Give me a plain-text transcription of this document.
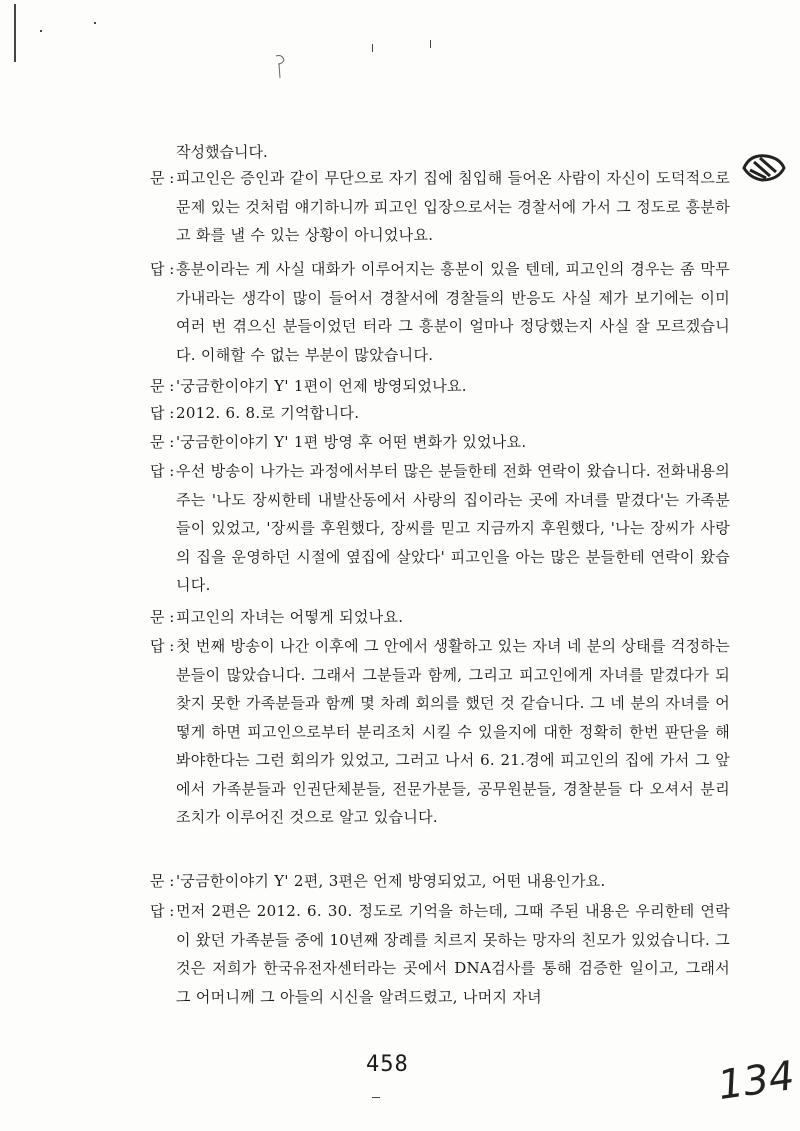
작성했습니다.
문 : 피고인은 증인과 같이 무단으로 자기 집에 침입해 들어온 사람이 자신이 도덕적으로 문제 있는 것처럼 얘기하니까 피고인 입장으로서는 경찰서에 가서 그 정도로 흥분하고 화를 낼 수 있는 상황이 아니었나요.
답 : 흥분이라는 게 사실 대화가 이루어지는 흥분이 있을 텐데, 피고인의 경우는 좀 막무가내라는 생각이 많이 들어서 경찰서에 경찰들의 반응도 사실 제가 보기에는 이미 여러 번 겪으신 분들이었던 터라 그 흥분이 얼마나 정당했는지 사실 잘 모르겠습니다. 이해할 수 없는 부분이 많았습니다.
문 : '궁금한이야기 Y' 1편이 언제 방영되었나요.
답 : 2012. 6. 8.로 기억합니다.
문 : '궁금한이야기 Y' 1편 방영 후 어떤 변화가 있었나요.
답 : 우선 방송이 나가는 과정에서부터 많은 분들한테 전화 연락이 왔습니다. 전화내용의 주는 '나도 장씨한테 내발산동에서 사랑의 집이라는 곳에 자녀를 맡겼다'는 가족분들이 있었고, '장씨를 후원했다, 장씨를 믿고 지금까지 후원했다, '나는 장씨가 사랑의 집을 운영하던 시절에 옆집에 살았다' 피고인을 아는 많은 분들한테 연락이 왔습니다.
문 : 피고인의 자녀는 어떻게 되었나요.
답 : 첫 번째 방송이 나간 이후에 그 안에서 생활하고 있는 자녀 네 분의 상태를 걱정하는 분들이 많았습니다. 그래서 그분들과 함께, 그리고 피고인에게 자녀를 맡겼다가 되찾지 못한 가족분들과 함께 몇 차례 회의를 했던 것 같습니다. 그 네 분의 자녀를 어떻게 하면 피고인으로부터 분리조치 시킬 수 있을지에 대한 정확히 한번 판단을 해 봐야한다는 그런 회의가 있었고, 그러고 나서 6. 21.경에 피고인의 집에 가서 그 앞에서 가족분들과 인권단체분들, 전문가분들, 공무원분들, 경찰분들 다 오셔서 분리조치가 이루어진 것으로 알고 있습니다.
문 : '궁금한이야기 Y' 2편, 3편은 언제 방영되었고, 어떤 내용인가요.
답 : 먼저 2편은 2012. 6. 30. 정도로 기억을 하는데, 그때 주된 내용은 우리한테 연락이 왔던 가족분들 중에 10년째 장례를 치르지 못하는 망자의 친모가 있었습니다. 그것은 저희가 한국유전자센터라는 곳에서 DNA검사를 통해 검증한 일이고, 그래서 그 어머니께 그 아들의 시신을 알려드렸고, 나머지 자녀
458	134
